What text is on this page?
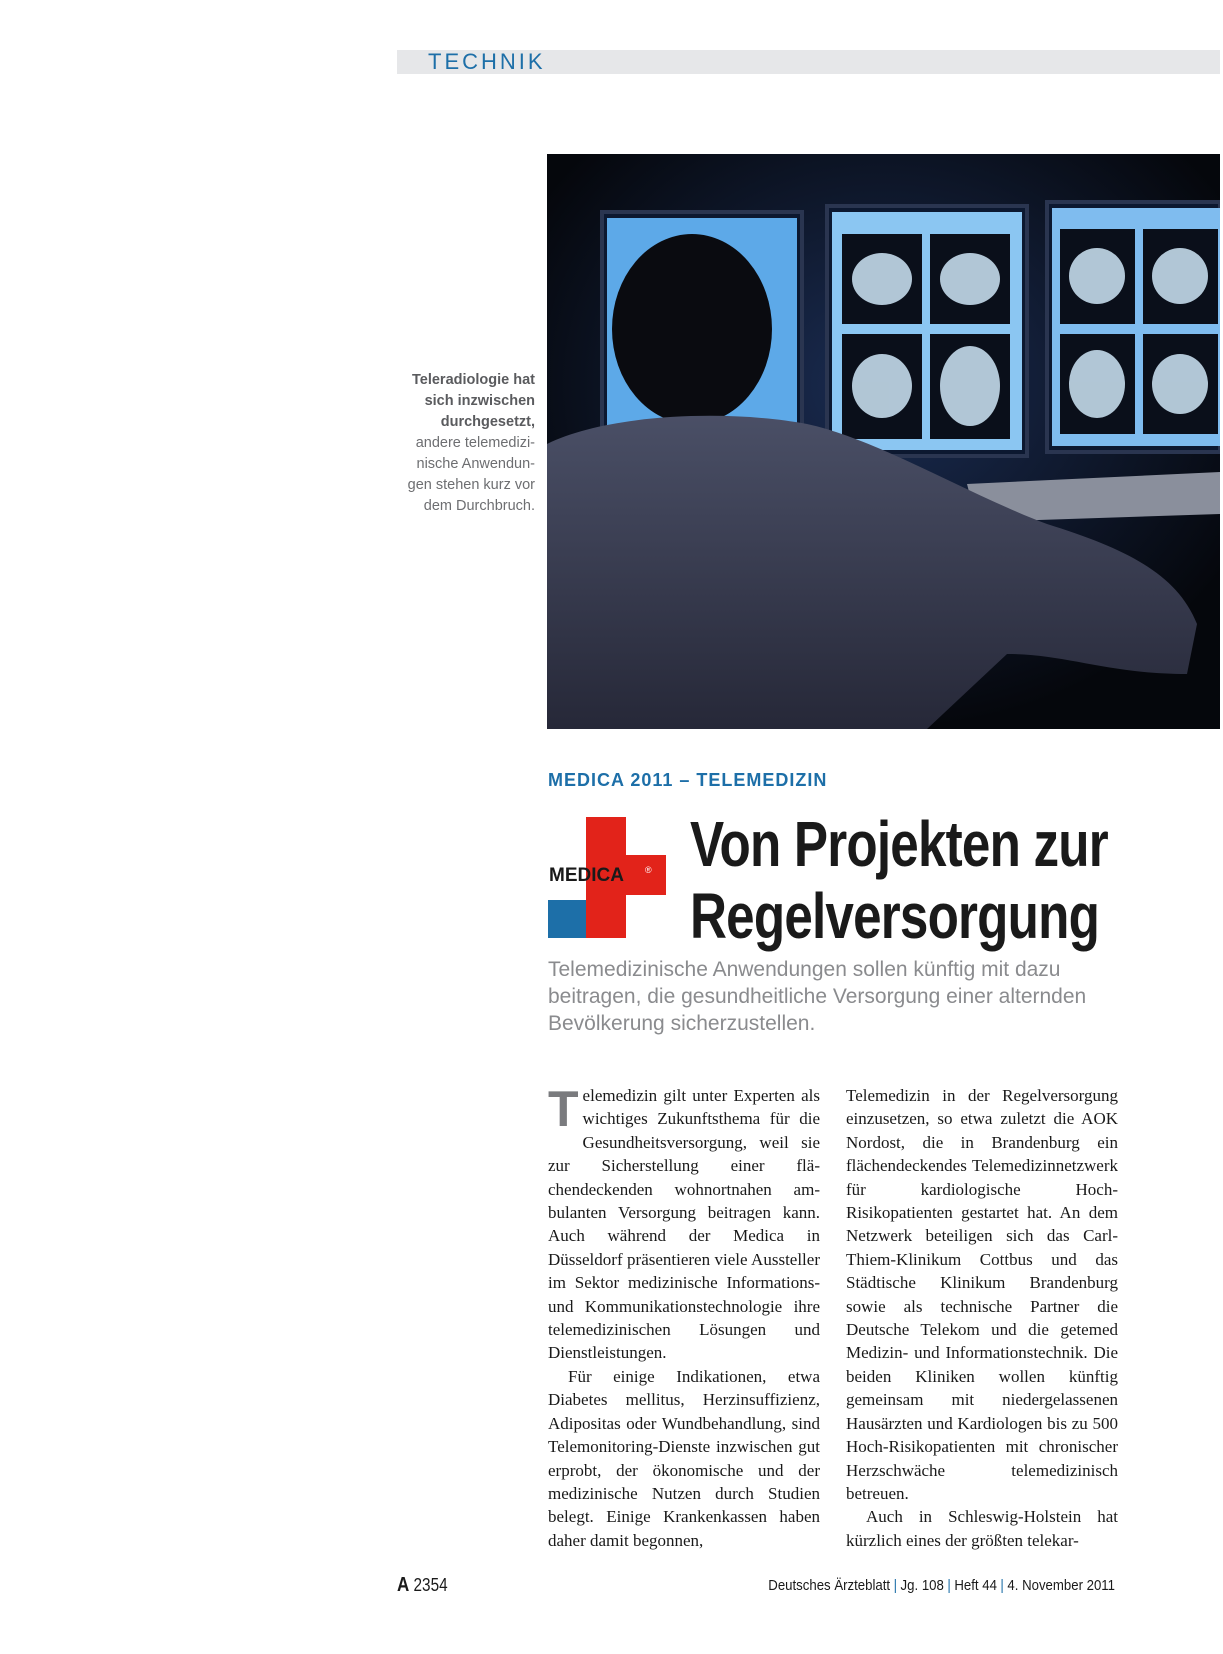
TECHNIK
Teleradiologie hat sich inzwischen durchgesetzt,
andere telemedizi-nische Anwendun-gen stehen kurz vor dem Durchbruch.
MEDICA 2011 – TELEMEDIZIN
MEDICA ® Von Projekten zur
Regelversorgung
Telemedizinische Anwendungen sollen künftig mit dazu beitragen, die gesundheitliche Versorgung einer alternden Bevölkerung sicherzustellen.

Telemedizin gilt unter Experten als wichtiges Zukunftsthema für die Gesundheitsversorgung, weil sie zur Sicherstellung einer flächendeckenden wohnortnahen ambulanten Versorgung beitragen kann. Auch während der Medica in Düsseldorf präsentieren viele Aussteller im Sektor medizinische Informations- und Kommunikationstechnologie ihre telemedizinischen Lösungen und Dienstleistungen.

Für einige Indikationen, etwa Diabetes mellitus, Herzinsuffizienz, Adipositas oder Wundbehandlung, sind Telemonitoring-Dienste inzwischen gut erprobt, der ökonomische und der medizinische Nutzen durch Studien belegt. Einige Krankenkassen haben daher damit begonnen,

Telemedizin in der Regelversorgung einzusetzen, so etwa zuletzt die AOK Nordost, die in Brandenburg ein flächendeckendes Telemedizinnetzwerk für kardiologische Hoch-Risikopatienten gestartet hat. An dem Netzwerk beteiligen sich das Carl-Thiem-Klinikum Cottbus und das Städtische Klinikum Brandenburg sowie als technische Partner die Deutsche Telekom und die getemed Medizin- und Informationstechnik. Die beiden Kliniken wollen künftig gemeinsam mit niedergelassenen Hausärzten und Kardiologen bis zu 500 Hoch-Risikopatienten mit chronischer Herzschwäche telemedizinisch betreuen.

Auch in Schleswig-Holstein hat kürzlich eines der größten telekar-

A 2354	Deutsches Ärzteblatt | Jg. 108 | Heft 44 | 4. November 2011
